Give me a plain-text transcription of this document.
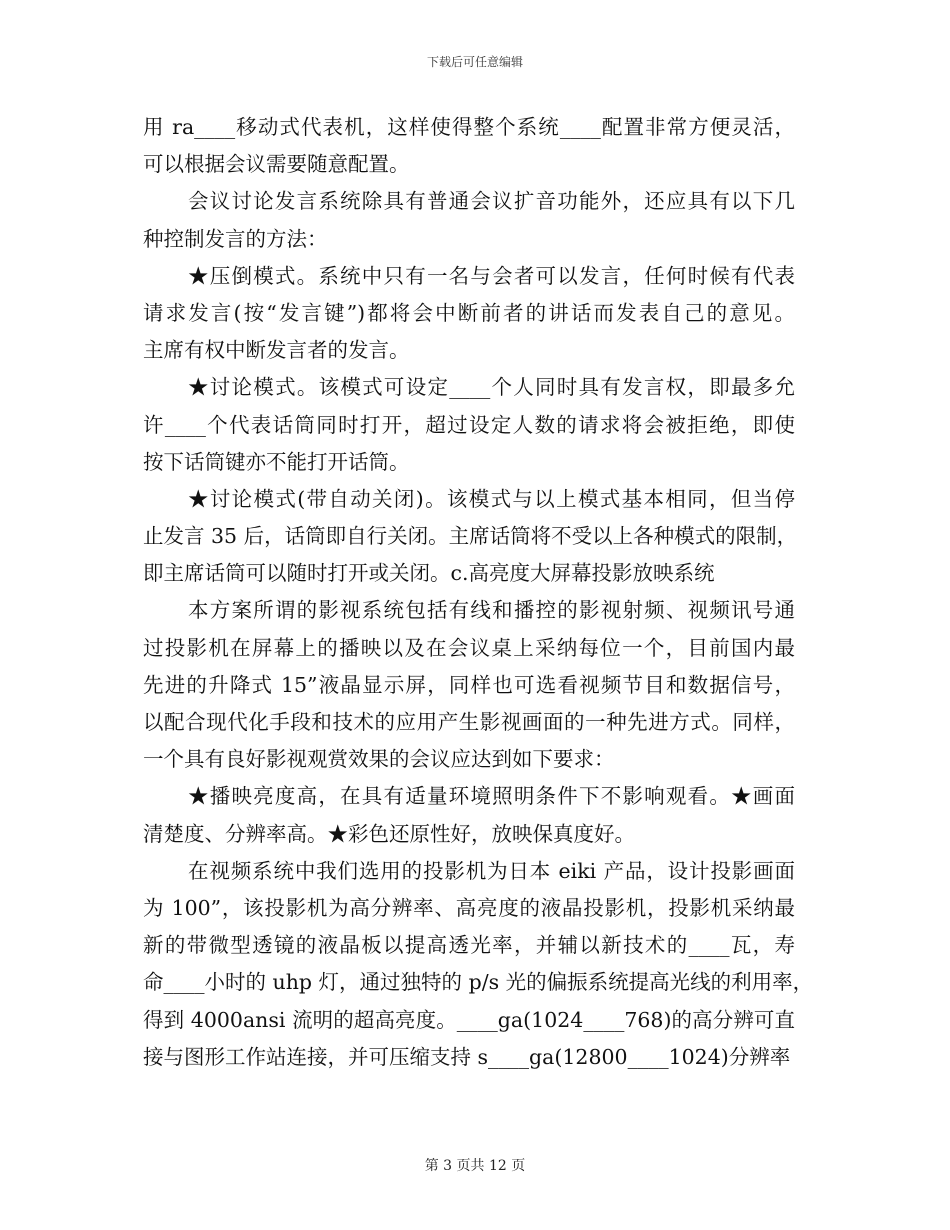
下载后可任意编辑
用 ra____移动式代表机，这样使得整个系统____配置非常方便灵活，
可以根据会议需要随意配置。
会议讨论发言系统除具有普通会议扩音功能外，还应具有以下几
种控制发言的方法：
★压倒模式。系统中只有一名与会者可以发言，任何时候有代表
请求发言(按“发言键”)都将会中断前者的讲话而发表自己的意见。
主席有权中断发言者的发言。
★讨论模式。该模式可设定____个人同时具有发言权，即最多允
许____个代表话筒同时打开，超过设定人数的请求将会被拒绝，即使
按下话筒键亦不能打开话筒。
★讨论模式(带自动关闭)。该模式与以上模式基本相同，但当停
止发言 35 后，话筒即自行关闭。主席话筒将不受以上各种模式的限制，
即主席话筒可以随时打开或关闭。c.高亮度大屏幕投影放映系统
本方案所谓的影视系统包括有线和播控的影视射频、视频讯号通
过投影机在屏幕上的播映以及在会议桌上采纳每位一个，目前国内最
先进的升降式 15”液晶显示屏，同样也可选看视频节目和数据信号，
以配合现代化手段和技术的应用产生影视画面的一种先进方式。同样，
一个具有良好影视观赏效果的会议应达到如下要求：
★播映亮度高，在具有适量环境照明条件下不影响观看。★画面
清楚度、分辨率高。★彩色还原性好，放映保真度好。
在视频系统中我们选用的投影机为日本 eiki 产品，设计投影画面
为 100”，该投影机为高分辨率、高亮度的液晶投影机，投影机采纳最
新的带微型透镜的液晶板以提高透光率，并辅以新技术的____瓦，寿
命____小时的 uhp 灯，通过独特的 p/s 光的偏振系统提高光线的利用率，
得到 4000ansi 流明的超高亮度。____ga(1024____768)的高分辨可直
接与图形工作站连接，并可压缩支持 s____ga(12800____1024)分辨率
第 3 页共 12 页
